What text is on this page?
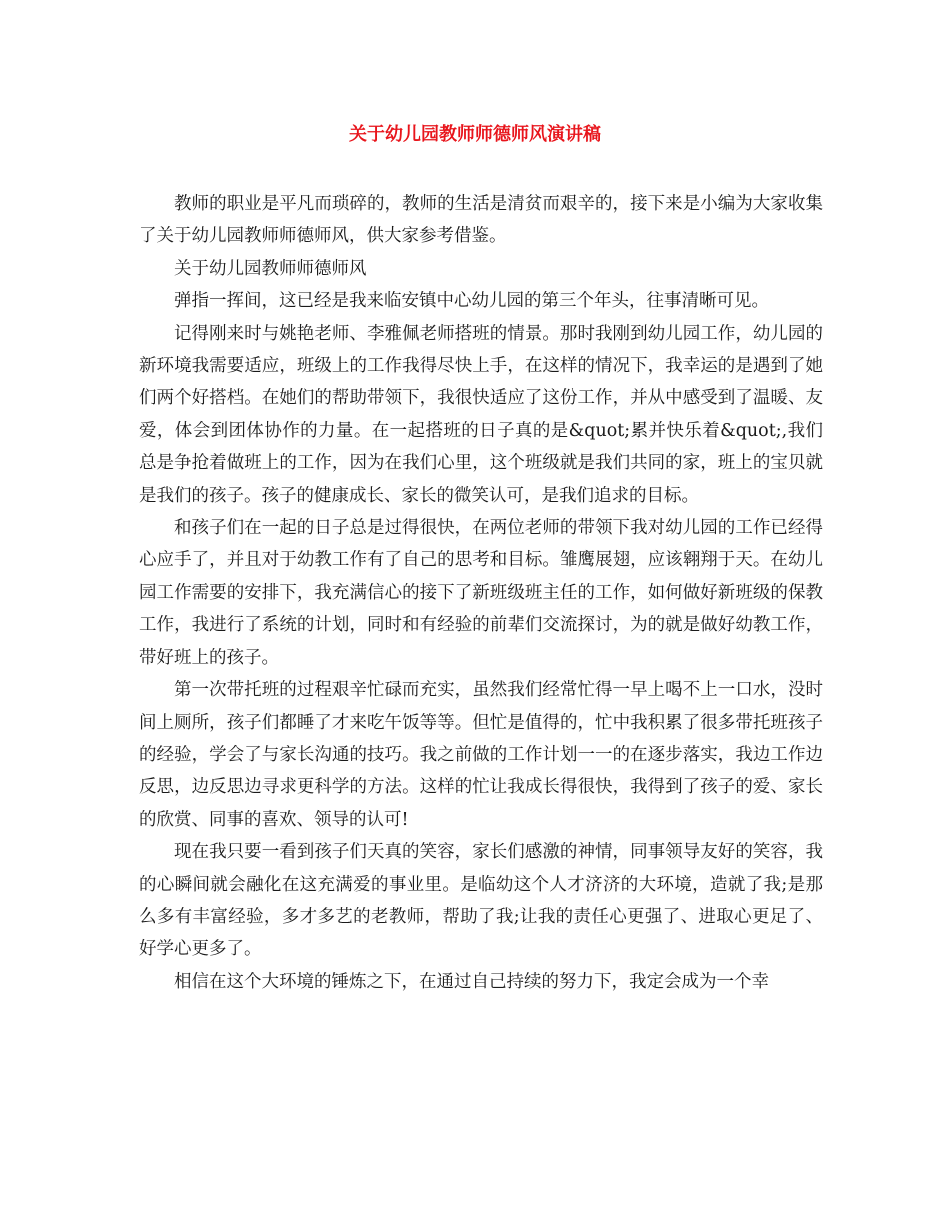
关于幼儿园教师师德师风演讲稿

教师的职业是平凡而琐碎的，教师的生活是清贫而艰辛的，接下来是小编为大家收集了关于幼儿园教师师德师风，供大家参考借鉴。

关于幼儿园教师师德师风

弹指一挥间，这已经是我来临安镇中心幼儿园的第三个年头，往事清晰可见。

记得刚来时与姚艳老师、李雅佩老师搭班的情景。那时我刚到幼儿园工作，幼儿园的新环境我需要适应，班级上的工作我得尽快上手，在这样的情况下，我幸运的是遇到了她们两个好搭档。在她们的帮助带领下，我很快适应了这份工作，并从中感受到了温暖、友爱，体会到团体协作的力量。在一起搭班的日子真的是&quot;累并快乐着&quot;,我们总是争抢着做班上的工作，因为在我们心里，这个班级就是我们共同的家，班上的宝贝就是我们的孩子。孩子的健康成长、家长的微笑认可，是我们追求的目标。

和孩子们在一起的日子总是过得很快，在两位老师的带领下我对幼儿园的工作已经得心应手了，并且对于幼教工作有了自己的思考和目标。雏鹰展翅，应该翱翔于天。在幼儿园工作需要的安排下，我充满信心的接下了新班级班主任的工作，如何做好新班级的保教工作，我进行了系统的计划，同时和有经验的前辈们交流探讨，为的就是做好幼教工作，带好班上的孩子。

第一次带托班的过程艰辛忙碌而充实，虽然我们经常忙得一早上喝不上一口水，没时间上厕所，孩子们都睡了才来吃午饭等等。但忙是值得的，忙中我积累了很多带托班孩子的经验，学会了与家长沟通的技巧。我之前做的工作计划一一的在逐步落实，我边工作边反思，边反思边寻求更科学的方法。这样的忙让我成长得很快，我得到了孩子的爱、家长的欣赏、同事的喜欢、领导的认可!

现在我只要一看到孩子们天真的笑容，家长们感激的神情，同事领导友好的笑容，我的心瞬间就会融化在这充满爱的事业里。是临幼这个人才济济的大环境，造就了我;是那么多有丰富经验，多才多艺的老教师，帮助了我;让我的责任心更强了、进取心更足了、好学心更多了。

相信在这个大环境的锤炼之下，在通过自己持续的努力下，我定会成为一个幸
